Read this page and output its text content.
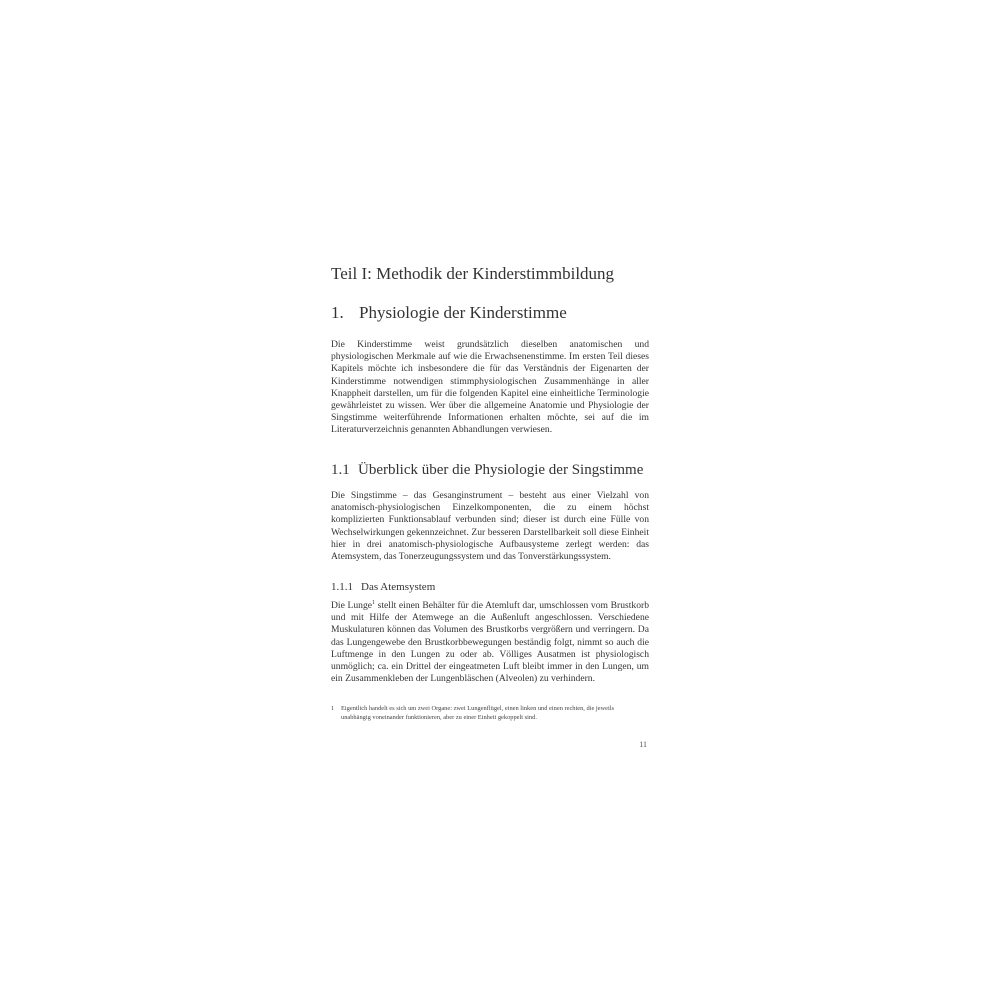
Teil I: Methodik der Kinderstimmbildung
1. Physiologie der Kinderstimme

Die Kinderstimme weist grundsätzlich dieselben anatomischen und physiologischen Merkmale auf wie die Erwachsenenstimme. Im ersten Teil dieses Kapitels möchte ich insbesondere die für das Verständnis der Eigenarten der Kinderstimme notwendigen stimmphysiologischen Zusammenhänge in aller Knappheit darstellen, um für die folgenden Kapitel eine einheitliche Terminologie gewährleistet zu wissen. Wer über die allgemeine Anatomie und Physiologie der Singstimme weiterführende Informationen erhalten möchte, sei auf die im Literaturverzeichnis genannten Abhandlungen verwiesen.

1.1 Überblick über die Physiologie der Singstimme

Die Singstimme – das Gesanginstrument – besteht aus einer Vielzahl von anatomisch-physiologischen Einzelkomponenten, die zu einem höchst komplizierten Funktionsablauf verbunden sind; dieser ist durch eine Fülle von Wechselwirkungen gekennzeichnet. Zur besseren Darstellbarkeit soll diese Einheit hier in drei anatomisch-physiologische Aufbausysteme zerlegt werden: das Atemsystem, das Tonerzeugungssystem und das Tonverstärkungssystem.

1.1.1 Das Atemsystem

Die Lunge$^1$ stellt einen Behälter für die Atemluft dar, umschlossen vom Brustkorb und mit Hilfe der Atemwege an die Außenluft angeschlossen. Verschiedene Muskulaturen können das Volumen des Brustkorbs vergrößern und verringern. Da das Lungengewebe den Brustkorbbewegungen beständig folgt, nimmt so auch die Luftmenge in den Lungen zu oder ab. Völliges Ausatmen ist physiologisch unmöglich; ca. ein Drittel der eingeatmeten Luft bleibt immer in den Lungen, um ein Zusammenkleben der Lungenbläschen (Alveolen) zu verhindern.

1 Eigentlich handelt es sich um zwei Organe: zwei Lungenflügel, einen linken und einen rechten, die jeweils unabhängig voneinander funktionieren, aber zu einer Einheit gekoppelt sind.
11
